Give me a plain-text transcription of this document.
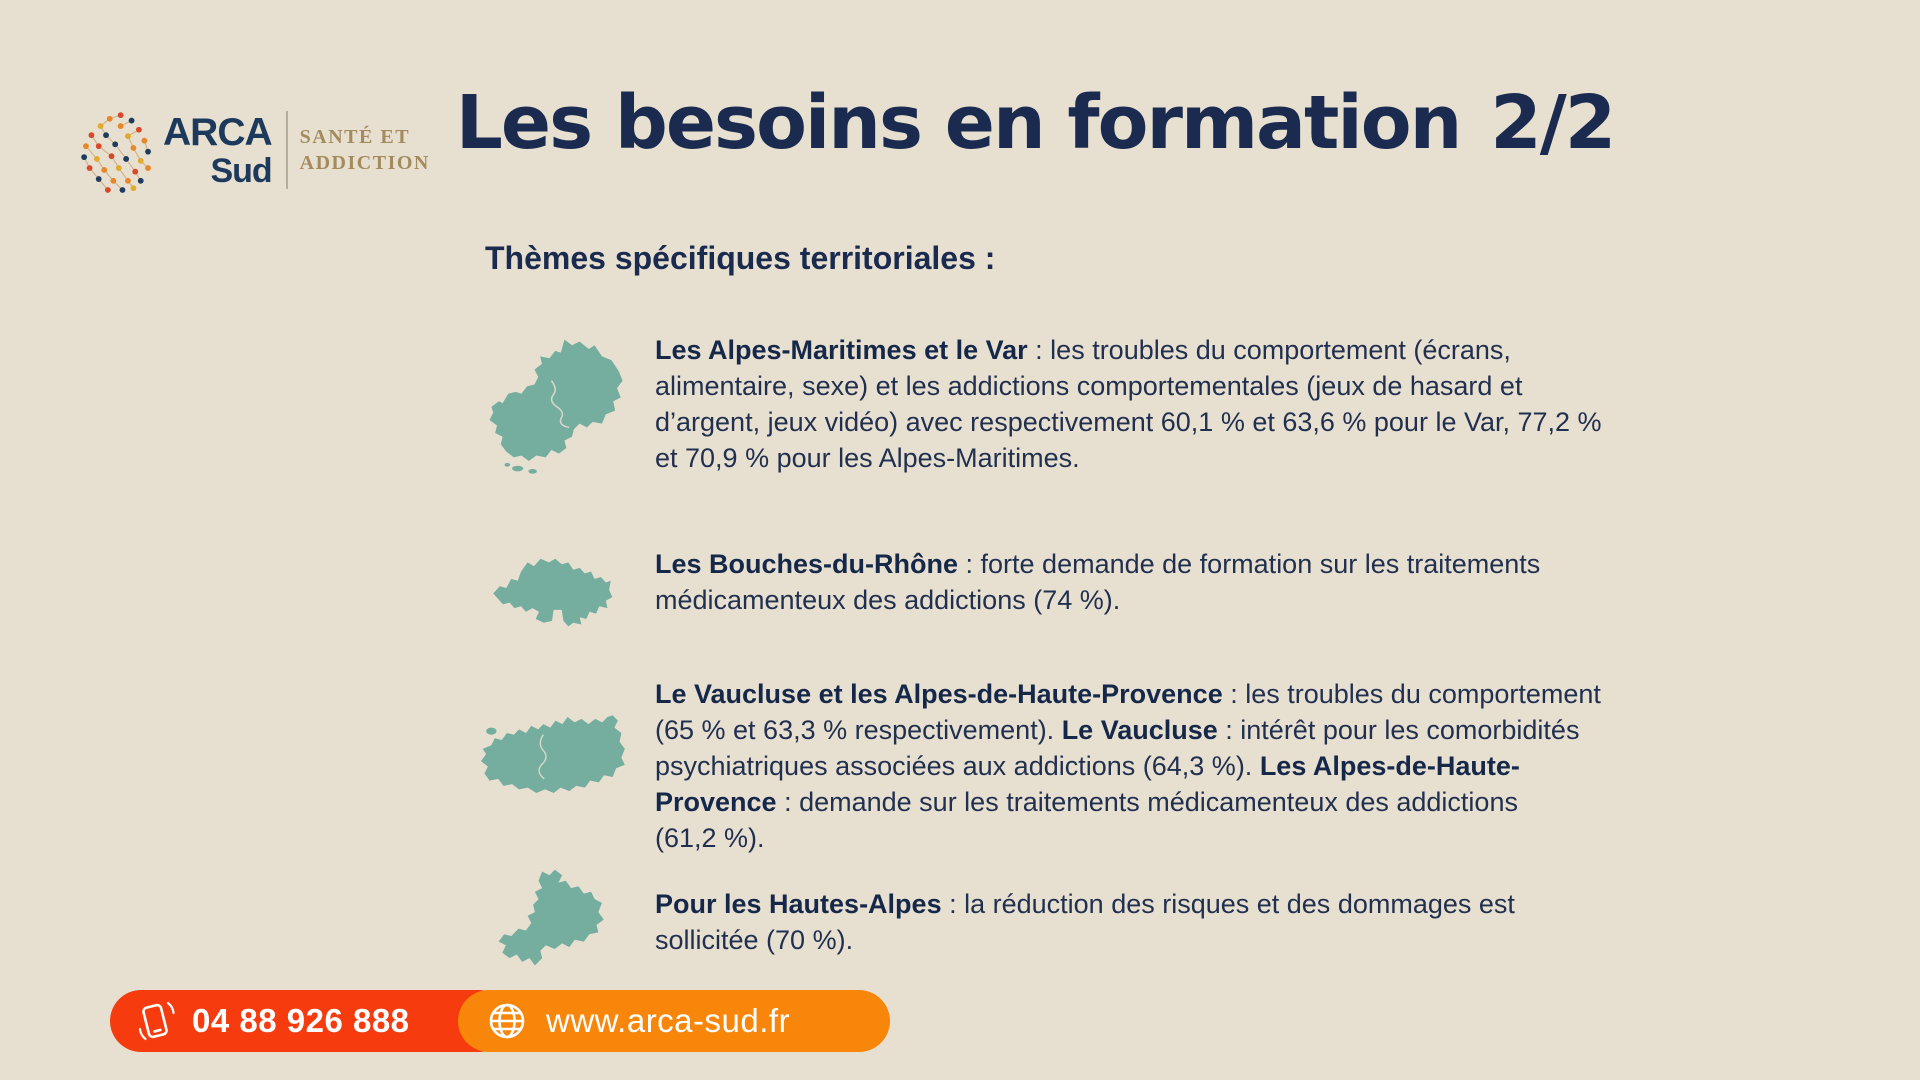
ARCA
Sud
SANTÉ ET
ADDICTION Les besoins en formation 2/2
Thèmes spécifiques territoriales :
Les Alpes-Maritimes et le Var : les troubles du comportement (écrans, alimentaire, sexe) et les addictions comportementales (jeux de hasard et d’argent, jeux vidéo) avec respectivement 60,1 % et 63,6 % pour le Var, 77,2 % et 70,9 % pour les Alpes-Maritimes.
Les Bouches-du-Rhône : forte demande de formation sur les traitements médicamenteux des addictions (74 %).
Le Vaucluse et les Alpes-de-Haute-Provence : les troubles du comportement (65 % et 63,3 % respectivement). Le Vaucluse : intérêt pour les comorbidités psychiatriques associées aux addictions (64,3 %). Les Alpes-de-Haute-Provence : demande sur les traitements médicamenteux des addictions (61,2 %).
Pour les Hautes-Alpes : la réduction des risques et des dommages est sollicitée (70 %).
04 88 926 888	www.arca-sud.fr
